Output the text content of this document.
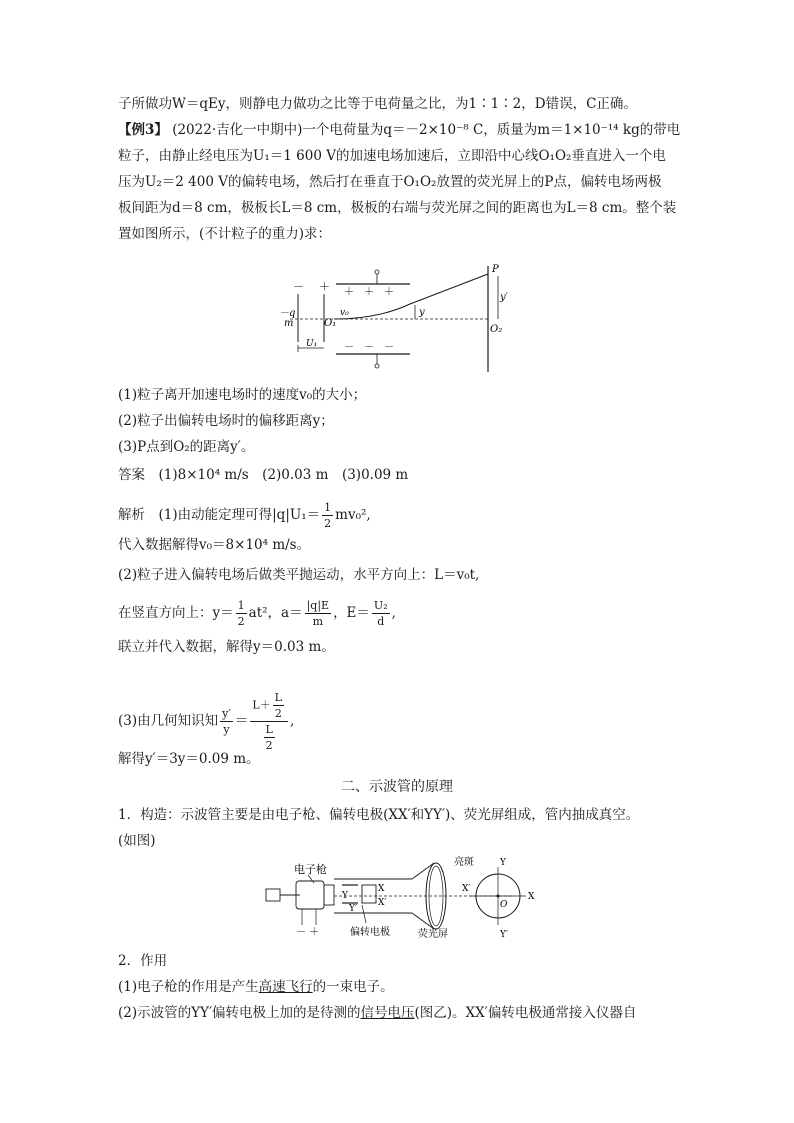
子所做功W＝qEy，则静电力做功之比等于电荷量之比，为1∶1∶2，D错误，C正确。
【例3】 (2022·吉化一中期中)一个电荷量为q＝－2×10⁻⁸ C，质量为m＝1×10⁻¹⁴ kg的带电
粒子，由静止经电压为U₁＝1 600 V的加速电场加速后，立即沿中心线O₁O₂垂直进入一个电
压为U₂＝2 400 V的偏转电场，然后打在垂直于O₁O₂放置的荧光屏上的P点，偏转电场两极
板间距为d＝8 cm，极板长L＝8 cm，极板的右端与荧光屏之间的距离也为L＝8 cm。整个装
置如图所示，(不计粒子的重力)求：
－ ＋
－q
m	O₁
U₁
＋　＋　＋
－　－　－
v₀	y
P
y′
O₂
(1)粒子离开加速电场时的速度v₀的大小；
(2)粒子出偏转电场时的偏移距离y；
(3)P点到O₂的距离y′。
答案　 (1)8×10⁴ m/s　(2)0.03 m　(3)0.09 m
解析　 (1)由动能定理可得$|q|U_1= \frac{1}{2} mv_0^2$,
代入数据解得v₀＝8×10⁴ m/s。
(2)粒子进入偏转电场后做类平抛运动，水平方向上：L＝v₀t,
在竖直方向上：$y= \frac{1}{2} at^2$，$a= \frac{|q|E}{m}$ ，$E= \frac{\text{U₂}}{d}$ ,
联立并代入数据，解得y＝0.03 m。
(3)由几何知识知 $\frac{y'}{y} = \frac{L+ \frac{L}{2}}{\frac{L}{2}}$ ,
解得y′＝3y＝0.09 m。
二、示波管的原理
1．构造：示波管主要是由电子枪、偏转电极(XX′和YY′)、荧光屏组成，管内抽成真空。
(如图)
电子枪
－ ＋
Y
Y′
X
X′
偏转电极	荧光屏
O
Y
Y′
X′
X
亮斑
2．作用
(1)电子枪的作用是产生高速飞行的一束电子。
(2)示波管的YY′偏转电极上加的是待测的信号电压(图乙)。XX′偏转电极通常接入仪器自
